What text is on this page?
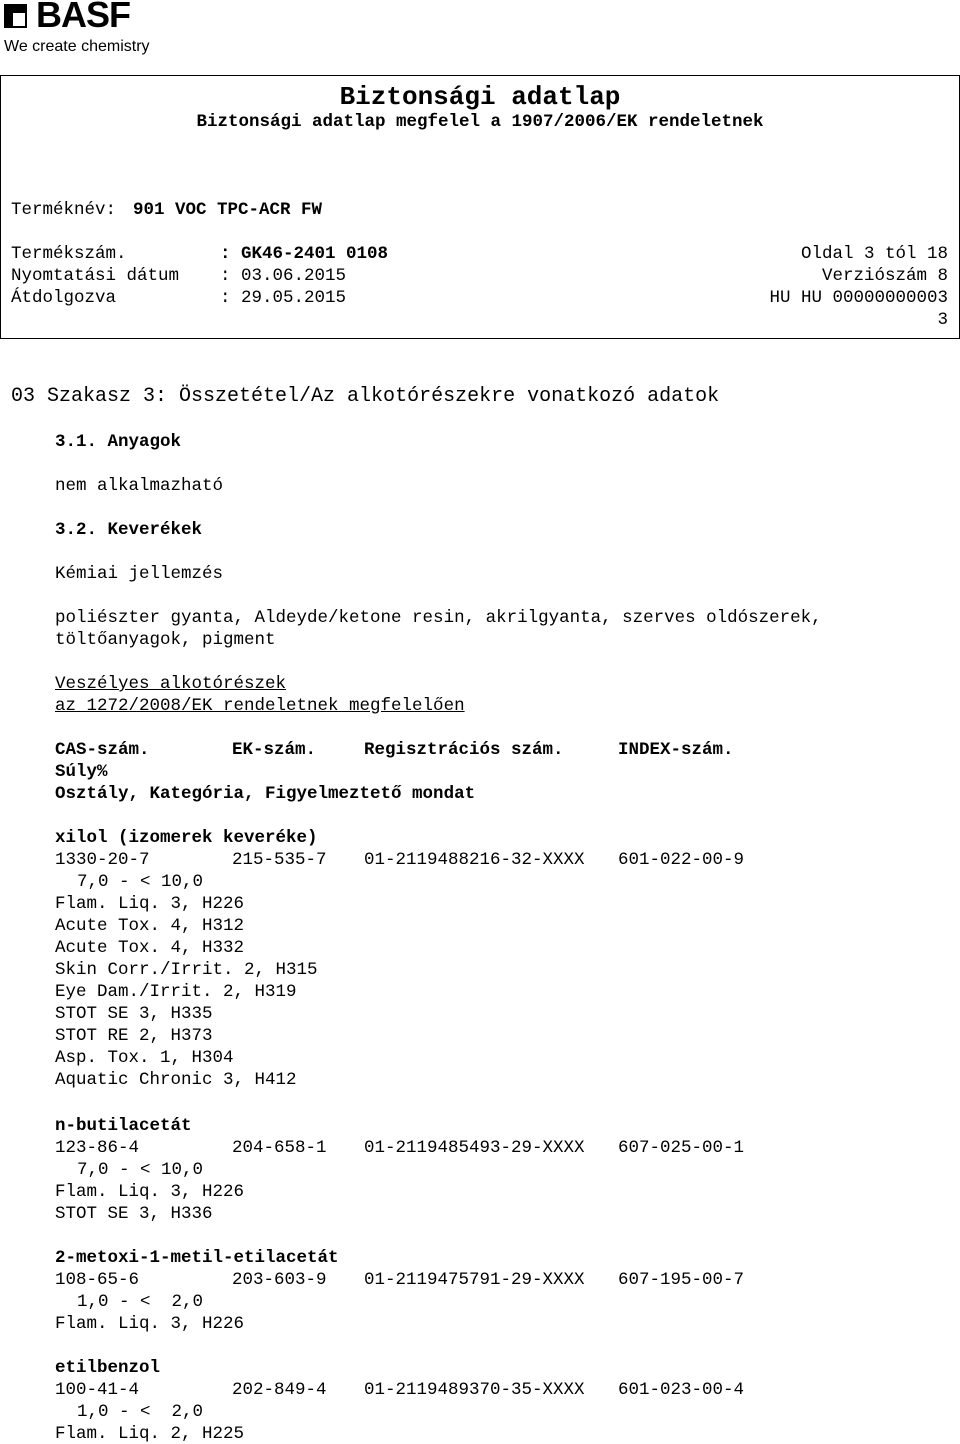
BASF
We create chemistry
Biztonsági adatlap
Biztonsági adatlap megfelel a 1907/2006/EK rendeletnek
Terméknév: 901 VOC TPC-ACR FW
Termékszám.	: GK46-2401 0108
Nyomtatási dátum : 03.06.2015
Átdolgozva	: 29.05.2015
Oldal 3 tól 18
Verziószám 8
HU HU 00000000003
3
03 Szakasz 3: Összetétel/Az alkotórészekre vonatkozó adatok
3.1. Anyagok
nem alkalmazható
3.2. Keverékek
Kémiai jellemzés
poliészter gyanta, Aldeyde/ketone resin, akrilgyanta, szerves oldószerek,
töltőanyagok, pigment
Veszélyes alkotórészek
az 1272/2008/EK rendeletnek megfelelően
CAS-szám.	EK-szám.	Regisztrációs szám.	INDEX-szám.
Súly%
Osztály, Kategória, Figyelmeztető mondat
xilol (izomerek keveréke)
1330-20-7	215-535-7 01-2119488216-32-XXXX 601-022-00-9
7,0 - < 10,0
Flam. Liq. 3, H226
Acute Tox. 4, H312
Acute Tox. 4, H332
Skin Corr./Irrit. 2, H315
Eye Dam./Irrit. 2, H319
STOT SE 3, H335
STOT RE 2, H373
Asp. Tox. 1, H304
Aquatic Chronic 3, H412
n-butilacetát
123-86-4	204-658-1 01-2119485493-29-XXXX 607-025-00-1
7,0 - < 10,0
Flam. Liq. 3, H226
STOT SE 3, H336
2-metoxi-1-metil-etilacetát
108-65-6	203-603-9 01-2119475791-29-XXXX 607-195-00-7
1,0 - <  2,0
Flam. Liq. 3, H226
etilbenzol
100-41-4	202-849-4 01-2119489370-35-XXXX 601-023-00-4
1,0 - <  2,0
Flam. Liq. 2, H225
